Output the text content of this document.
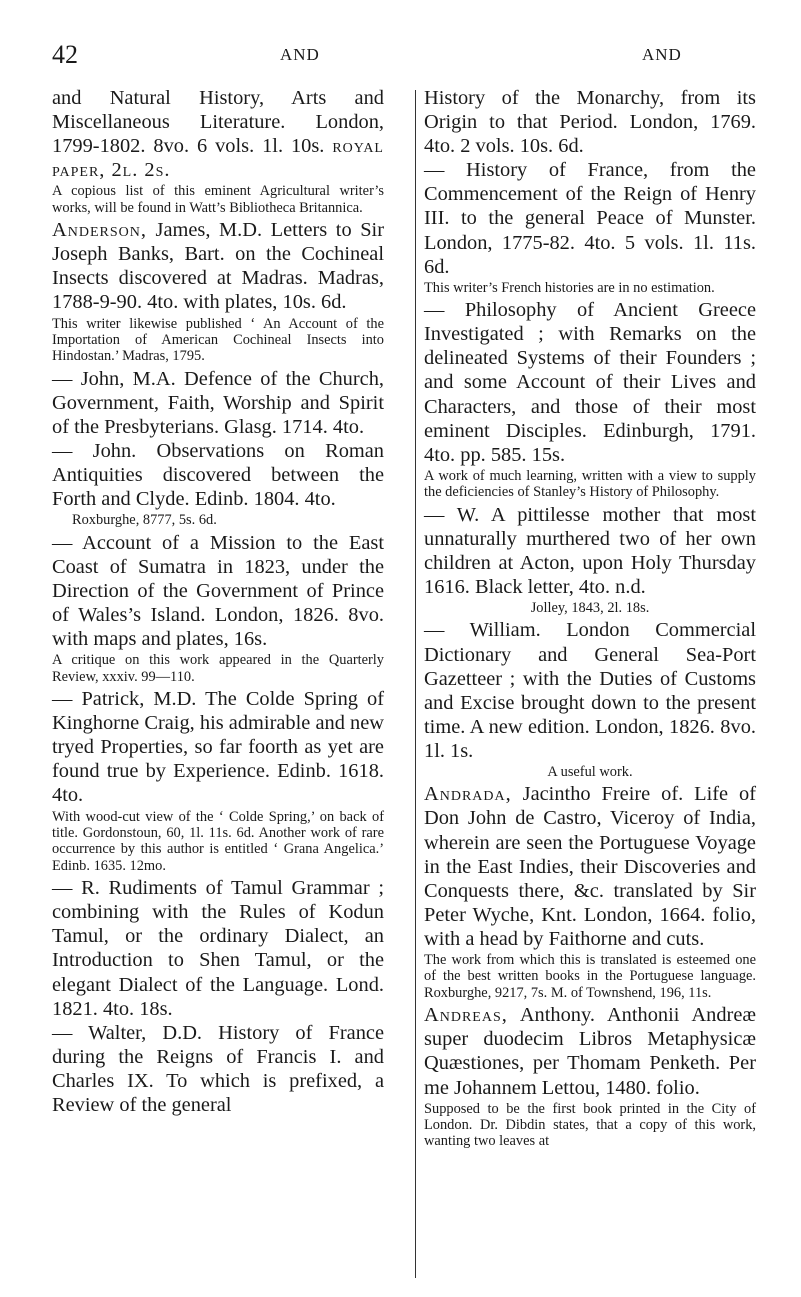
42	AND	AND

and Natural History, Arts and Miscellaneous Literature. London, 1799-1802. 8vo. 6 vols. 1l. 10s. royal paper, 2l. 2s.

A copious list of this eminent Agricultural writer’s works, will be found in Watt’s Bibliotheca Britannica.

Anderson, James, M.D. Letters to Sir Joseph Banks, Bart. on the Cochineal Insects discovered at Madras. Madras, 1788-9-90. 4to. with plates, 10s. 6d.

This writer likewise published ‘ An Account of the Importation of American Cochineal Insects into Hindostan.’ Madras, 1795.

— John, M.A. Defence of the Church, Government, Faith, Worship and Spirit of the Presbyterians. Glasg. 1714. 4to.

— John. Observations on Roman Antiquities discovered between the Forth and Clyde. Edinb. 1804. 4to.

Roxburghe, 8777, 5s. 6d.

— Account of a Mission to the East Coast of Sumatra in 1823, under the Direction of the Government of Prince of Wales’s Island. London, 1826. 8vo. with maps and plates, 16s.

A critique on this work appeared in the Quarterly Review, xxxiv. 99—110.

— Patrick, M.D. The Colde Spring of Kinghorne Craig, his admirable and new tryed Properties, so far foorth as yet are found true by Experience. Edinb. 1618. 4to.

With wood-cut view of the ‘ Colde Spring,’ on back of title. Gordonstoun, 60, 1l. 11s. 6d. Another work of rare occurrence by this author is entitled ‘ Grana Angelica.’ Edinb. 1635. 12mo.

— R. Rudiments of Tamul Grammar ; combining with the Rules of Kodun Tamul, or the ordinary Dialect, an Introduction to Shen Tamul, or the elegant Dialect of the Language. Lond. 1821. 4to. 18s.

— Walter, D.D. History of France during the Reigns of Francis I. and Charles IX. To which is prefixed, a Review of the general

History of the Monarchy, from its Origin to that Period. London, 1769. 4to. 2 vols. 10s. 6d.

— History of France, from the Commencement of the Reign of Henry III. to the general Peace of Munster. London, 1775-82. 4to. 5 vols. 1l. 11s. 6d.

This writer’s French histories are in no estimation.

— Philosophy of Ancient Greece Investigated ; with Remarks on the delineated Systems of their Founders ; and some Account of their Lives and Characters, and those of their most eminent Disciples. Edinburgh, 1791. 4to. pp. 585. 15s.

A work of much learning, written with a view to supply the deficiencies of Stanley’s History of Philosophy.

— W. A pittilesse mother that most unnaturally murthered two of her own children at Acton, upon Holy Thursday 1616. Black letter, 4to. n.d.

Jolley, 1843, 2l. 18s.

— William. London Commercial Dictionary and General Sea-Port Gazetteer ; with the Duties of Customs and Excise brought down to the present time. A new edition. London, 1826. 8vo. 1l. 1s.

A useful work.

Andrada, Jacintho Freire of. Life of Don John de Castro, Viceroy of India, wherein are seen the Portuguese Voyage in the East Indies, their Discoveries and Conquests there, &c. translated by Sir Peter Wyche, Knt. London, 1664. folio, with a head by Faithorne and cuts.

The work from which this is translated is esteemed one of the best written books in the Portuguese language. Roxburghe, 9217, 7s. M. of Townshend, 196, 11s.

Andreas, Anthony. Anthonii Andreæ super duodecim Libros Metaphysicæ Quæstiones, per Thomam Penketh. Per me Johannem Lettou, 1480. folio.

Supposed to be the first book printed in the City of London. Dr. Dibdin states, that a copy of this work, wanting two leaves at
